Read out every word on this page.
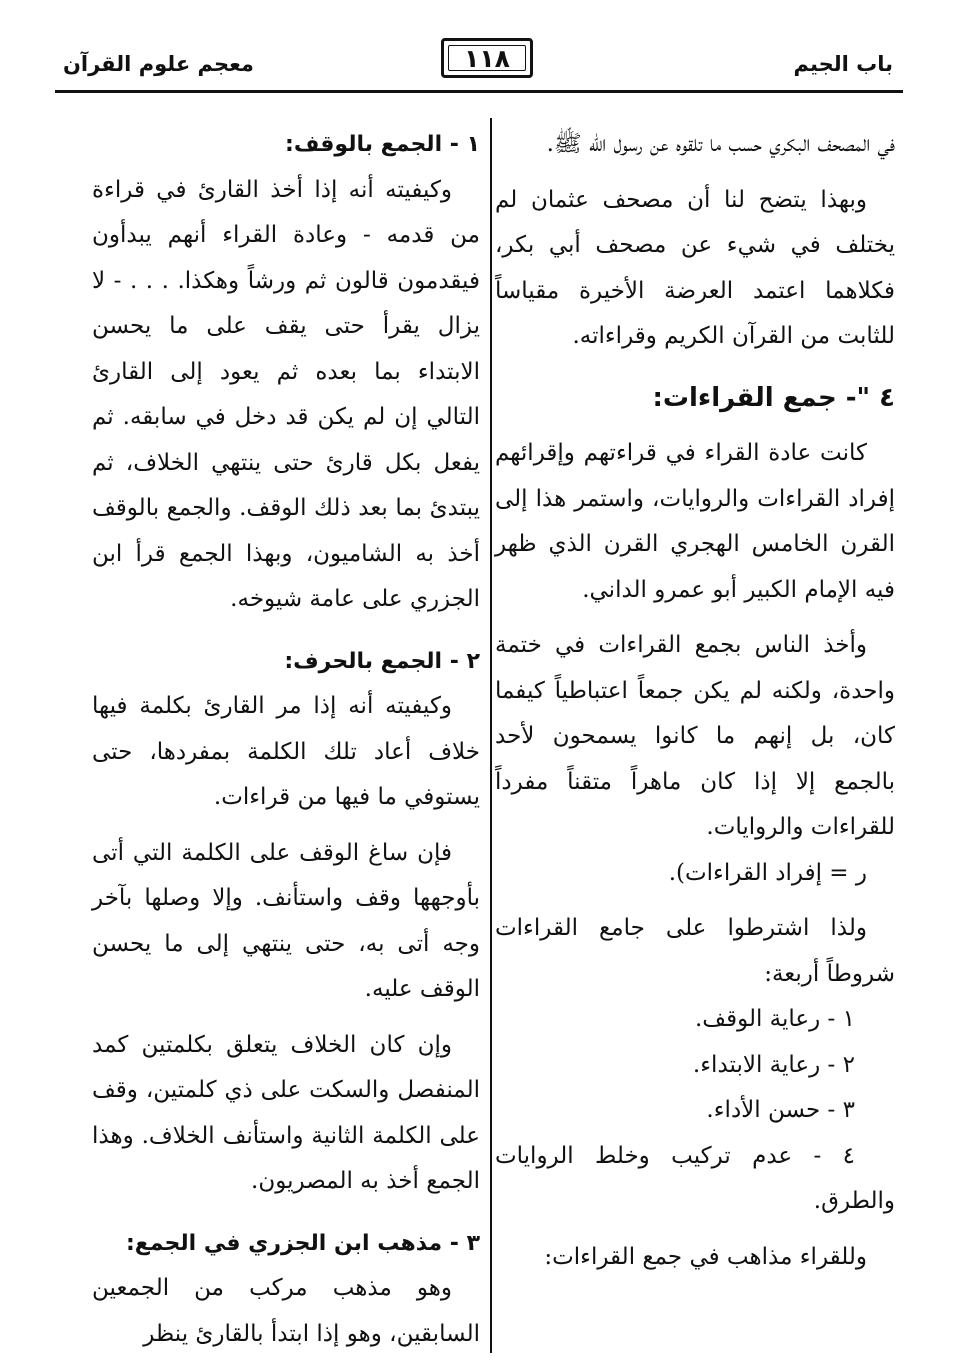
باب الجيم
١١٨
معجم علوم القرآن

في المصحف البكري حسب ما تلقوه عن رسول الله ﷺ.

وبهذا يتضح لنا أن مصحف عثمان لم يختلف في شيء عن مصحف أبي بكر، فكلاهما اعتمد العرضة الأخيرة مقياساً للثابت من القرآن الكريم وقراءاته.

٤ "- جمع القراءات:

كانت عادة القراء في قراءتهم وإقرائهم إفراد القراءات والروايات، واستمر هذا إلى القرن الخامس الهجري القرن الذي ظهر فيه الإمام الكبير أبو عمرو الداني.

وأخذ الناس بجمع القراءات في ختمة واحدة، ولكنه لم يكن جمعاً اعتباطياً كيفما كان، بل إنهم ما كانوا يسمحون لأحد بالجمع إلا إذا كان ماهراً متقناً مفرداً للقراءات والروايات.

ر = إفراد القراءات).

ولذا اشترطوا على جامع القراءات شروطاً أربعة:

١ - رعاية الوقف.

٢ - رعاية الابتداء.

٣ - حسن الأداء.

٤ - عدم تركيب وخلط الروايات والطرق.

وللقراء مذاهب في جمع القراءات:

١ - الجمع بالوقف:

وكيفيته أنه إذا أخذ القارئ في قراءة من قدمه - وعادة القراء أنهم يبدأون فيقدمون قالون ثم ورشاً وهكذا. . . . - لا يزال يقرأ حتى يقف على ما يحسن الابتداء بما بعده ثم يعود إلى القارئ التالي إن لم يكن قد دخل في سابقه. ثم يفعل بكل قارئ حتى ينتهي الخلاف، ثم يبتدئ بما بعد ذلك الوقف. والجمع بالوقف أخذ به الشاميون، وبهذا الجمع قرأ ابن الجزري على عامة شيوخه.

٢ - الجمع بالحرف:

وكيفيته أنه إذا مر القارئ بكلمة فيها خلاف أعاد تلك الكلمة بمفردها، حتى يستوفي ما فيها من قراءات.

فإن ساغ الوقف على الكلمة التي أتى بأوجهها وقف واستأنف. وإلا وصلها بآخر وجه أتى به، حتى ينتهي إلى ما يحسن الوقف عليه.

وإن كان الخلاف يتعلق بكلمتين كمد المنفصل والسكت على ذي كلمتين، وقف على الكلمة الثانية واستأنف الخلاف. وهذا الجمع أخذ به المصريون.

٣ - مذهب ابن الجزري في الجمع:

وهو مذهب مركب من الجمعين السابقين، وهو إذا ابتدأ بالقارئ ينظر
